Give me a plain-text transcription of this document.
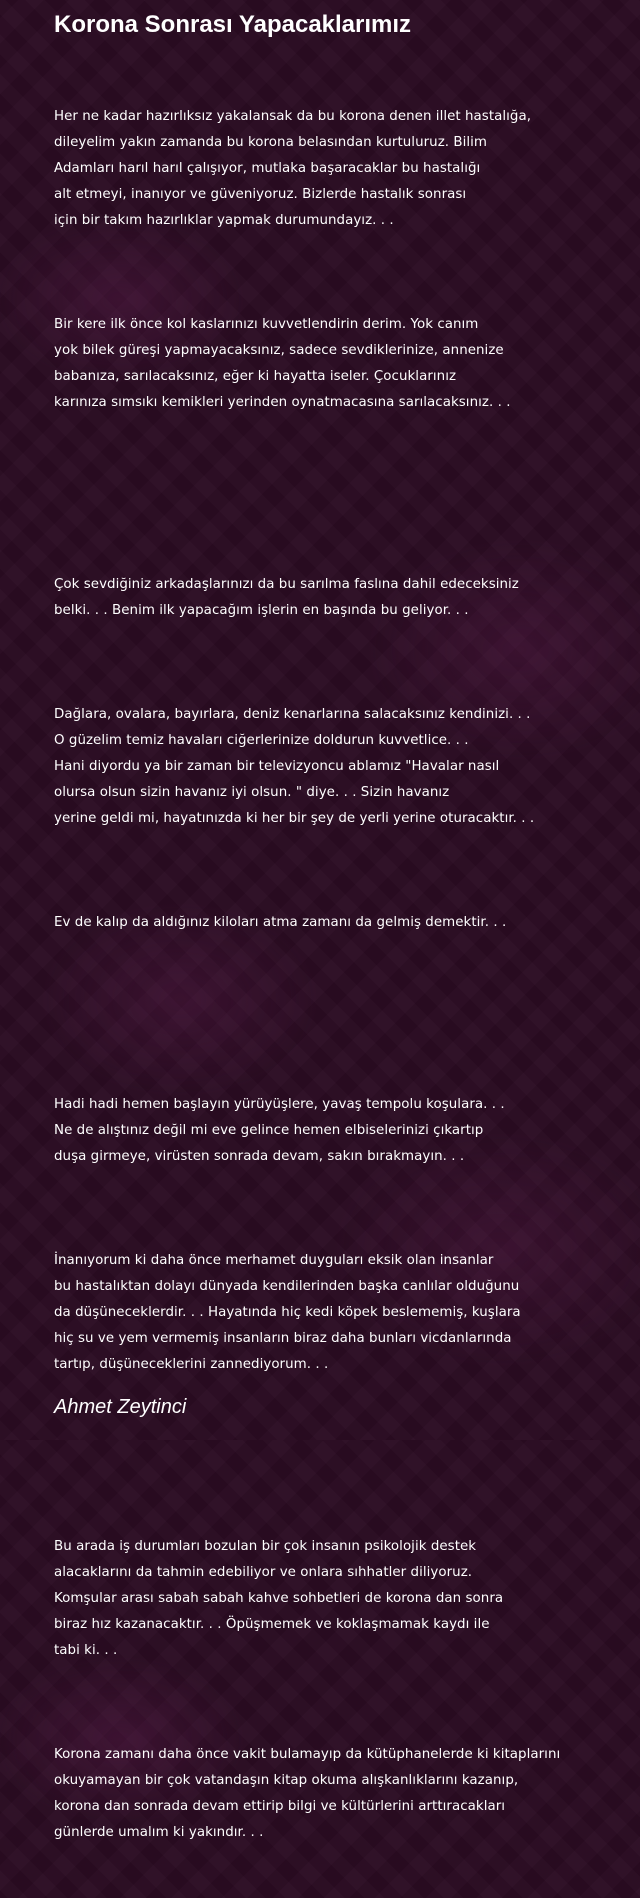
Korona Sonrası Yapacaklarımız

Her ne kadar hazırlıksız yakalansak da bu korona denen illet hastalığa,
dileyelim yakın zamanda bu korona belasından kurtuluruz. Bilim
Adamları harıl harıl çalışıyor, mutlaka başaracaklar bu hastalığı
alt etmeyi, inanıyor ve güveniyoruz. Bizlerde hastalık sonrası
için bir takım hazırlıklar yapmak durumundayız. . .

Bir kere ilk önce kol kaslarınızı kuvvetlendirin derim. Yok canım
yok bilek güreşi yapmayacaksınız, sadece sevdiklerinize, annenize
babanıza, sarılacaksınız, eğer ki hayatta iseler. Çocuklarınız
karınıza sımsıkı kemikleri yerinden oynatmacasına sarılacaksınız. . .

Çok sevdiğiniz arkadaşlarınızı da bu sarılma faslına dahil edeceksiniz
belki. . . Benim ilk yapacağım işlerin en başında bu geliyor. . .

Dağlara, ovalara, bayırlara, deniz kenarlarına salacaksınız kendinizi. . .
O güzelim temiz havaları ciğerlerinize doldurun kuvvetlice. . .
Hani diyordu ya bir zaman bir televizyoncu ablamız "Havalar nasıl
olursa olsun sizin havanız iyi olsun. " diye. . . Sizin havanız
yerine geldi mi, hayatınızda ki her bir şey de yerli yerine oturacaktır. . .

Ev de kalıp da aldığınız kiloları atma zamanı da gelmiş demektir. . .

Hadi hadi hemen başlayın yürüyüşlere, yavaş tempolu koşulara. . .
Ne de alıştınız değil mi eve gelince hemen elbiselerinizi çıkartıp
duşa girmeye, virüsten sonrada devam, sakın bırakmayın. . .

İnanıyorum ki daha önce merhamet duyguları eksik olan insanlar
bu hastalıktan dolayı dünyada kendilerinden başka canlılar olduğunu
da düşüneceklerdir. . . Hayatında hiç kedi köpek beslememiş, kuşlara
hiç su ve yem vermemiş insanların biraz daha bunları vicdanlarında
tartıp, düşüneceklerini zannediyorum. . .

Bu arada iş durumları bozulan bir çok insanın psikolojik destek
alacaklarını da tahmin edebiliyor ve onlara sıhhatler diliyoruz.
Komşular arası sabah sabah kahve sohbetleri de korona dan sonra
biraz hız kazanacaktır. . . Öpüşmemek ve koklaşmamak kaydı ile
tabi ki. . .

Korona zamanı daha önce vakit bulamayıp da kütüphanelerde ki kitaplarını
okuyamayan bir çok vatandaşın kitap okuma alışkanlıklarını kazanıp,
korona dan sonrada devam ettirip bilgi ve kültürlerini arttıracakları
günlerde umalım ki yakındır. . .

Ahmet Zeytinci
